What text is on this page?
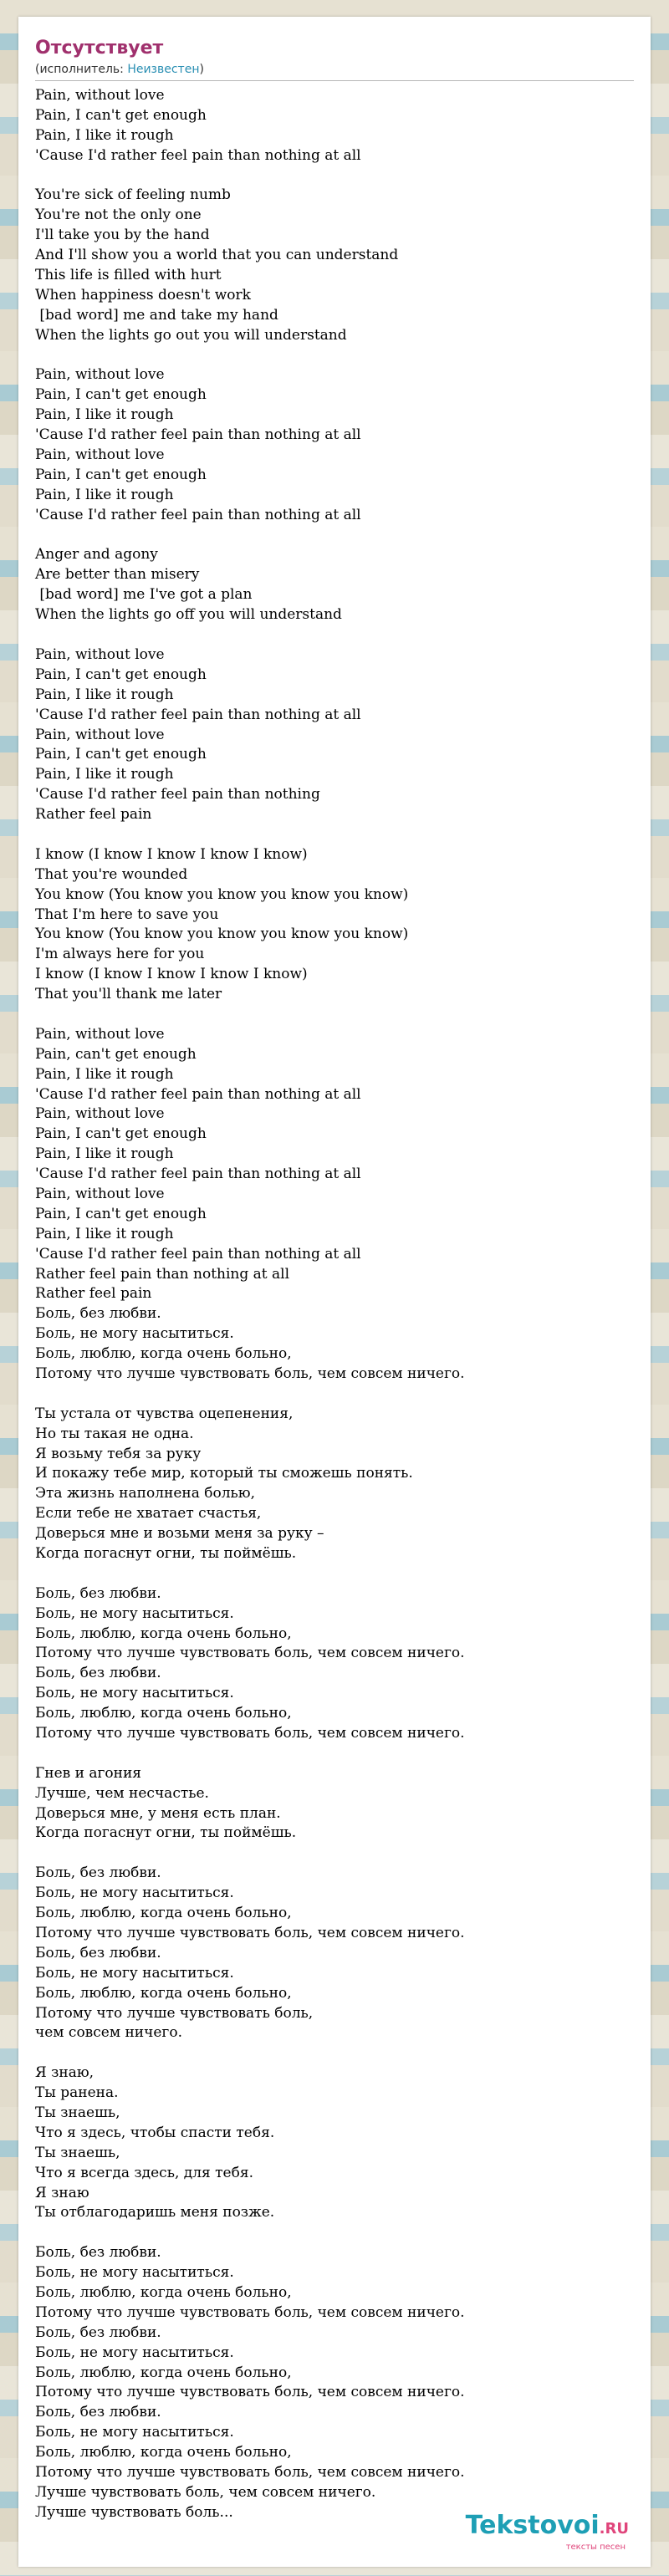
Отсутствует
(исполнитель: Неизвестен)
Pain, without love
Pain, I can't get enough
Pain, I like it rough
'Cause I'd rather feel pain than nothing at all
You're sick of feeling numb
You're not the only one
I'll take you by the hand
And I'll show you a world that you can understand
This life is filled with hurt
When happiness doesn't work
[bad word] me and take my hand
When the lights go out you will understand
Pain, without love
Pain, I can't get enough
Pain, I like it rough
'Cause I'd rather feel pain than nothing at all
Pain, without love
Pain, I can't get enough
Pain, I like it rough
'Cause I'd rather feel pain than nothing at all
Anger and agony
Are better than misery
[bad word] me I've got a plan
When the lights go off you will understand
Pain, without love
Pain, I can't get enough
Pain, I like it rough
'Cause I'd rather feel pain than nothing at all
Pain, without love
Pain, I can't get enough
Pain, I like it rough
'Cause I'd rather feel pain than nothing
Rather feel pain
I know (I know I know I know I know)
That you're wounded
You know (You know you know you know you know)
That I'm here to save you
You know (You know you know you know you know)
I'm always here for you
I know (I know I know I know I know)
That you'll thank me later
Pain, without love
Pain, can't get enough
Pain, I like it rough
'Cause I'd rather feel pain than nothing at all
Pain, without love
Pain, I can't get enough
Pain, I like it rough
'Cause I'd rather feel pain than nothing at all
Pain, without love
Pain, I can't get enough
Pain, I like it rough
'Cause I'd rather feel pain than nothing at all
Rather feel pain than nothing at all
Rather feel pain
Боль, без любви.
Боль, не могу насытиться.
Боль, люблю, когда очень больно,
Потому что лучше чувствовать боль, чем совсем ничего.
Ты устала от чувства оцепенения,
Но ты такая не одна.
Я возьму тебя за руку
И покажу тебе мир, который ты сможешь понять.
Эта жизнь наполнена болью,
Если тебе не хватает счастья,
Доверься мне и возьми меня за руку –
Когда погаснут огни, ты поймёшь.
Боль, без любви.
Боль, не могу насытиться.
Боль, люблю, когда очень больно,
Потому что лучше чувствовать боль, чем совсем ничего.
Боль, без любви.
Боль, не могу насытиться.
Боль, люблю, когда очень больно,
Потому что лучше чувствовать боль, чем совсем ничего.
Гнев и агония
Лучше, чем несчастье.
Доверься мне, у меня есть план.
Когда погаснут огни, ты поймёшь.
Боль, без любви.
Боль, не могу насытиться.
Боль, люблю, когда очень больно,
Потому что лучше чувствовать боль, чем совсем ничего.
Боль, без любви.
Боль, не могу насытиться.
Боль, люблю, когда очень больно,
Потому что лучше чувствовать боль,
чем совсем ничего.
Я знаю,
Ты ранена.
Ты знаешь,
Что я здесь, чтобы спасти тебя.
Ты знаешь,
Что я всегда здесь, для тебя.
Я знаю
Ты отблагодаришь меня позже.
Боль, без любви.
Боль, не могу насытиться.
Боль, люблю, когда очень больно,
Потому что лучше чувствовать боль, чем совсем ничего.
Боль, без любви.
Боль, не могу насытиться.
Боль, люблю, когда очень больно,
Потому что лучше чувствовать боль, чем совсем ничего.
Боль, без любви.
Боль, не могу насытиться.
Боль, люблю, когда очень больно,
Потому что лучше чувствовать боль, чем совсем ничего.
Лучше чувствовать боль, чем совсем ничего.
Лучше чувствовать боль...	Tekstovoi.RU
тексты песен
